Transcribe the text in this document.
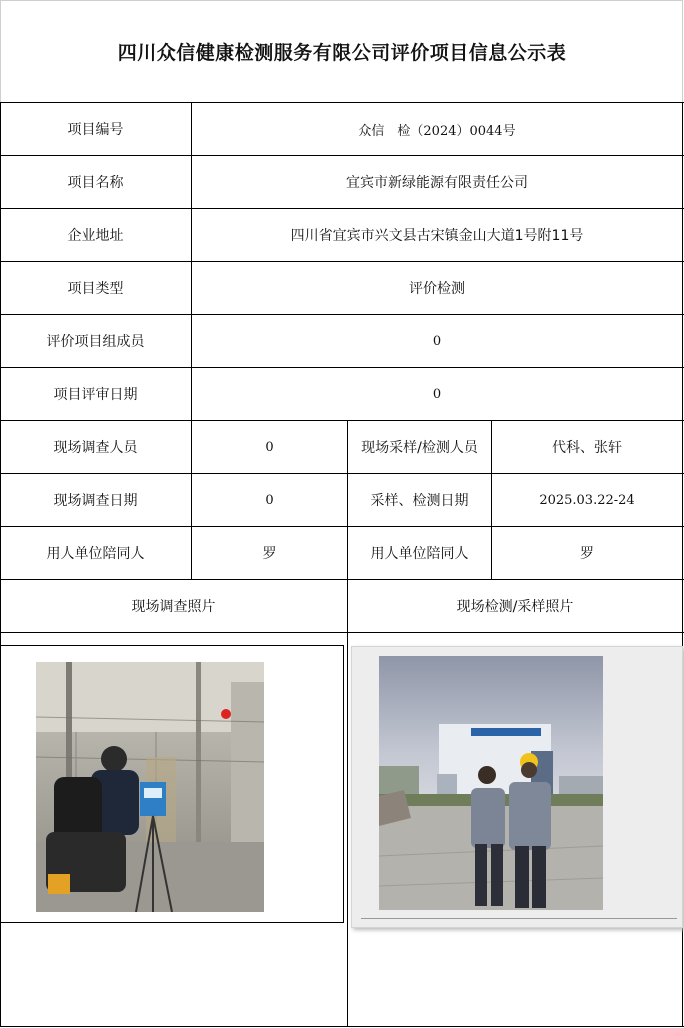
四川众信健康检测服务有限公司评价项目信息公示表
项目编号	众信　检（2024）0044号
项目名称	宜宾市新绿能源有限责任公司
企业地址	四川省宜宾市兴文县古宋镇金山大道1号附11号
项目类型	评价检测
评价项目组成员	0
项目评审日期	0
现场调查人员	0	现场采样/检测人员	代科、张轩
现场调查日期	0	采样、检测日期	2025.03.22-24
用人单位陪同人	罗	用人单位陪同人	罗
现场调查照片	现场检测/采样照片
